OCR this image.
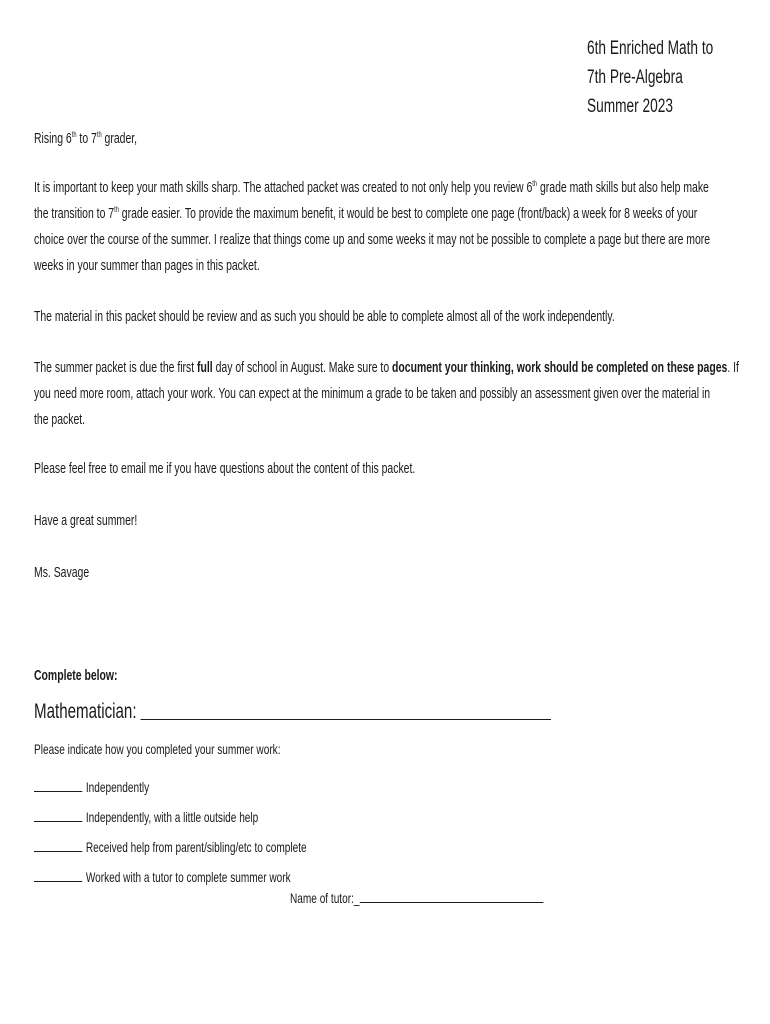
6th Enriched Math to
7th Pre-Algebra
Summer 2023
Rising 6th to 7th grader,
It is important to keep your math skills sharp. The attached packet was created to not only help you review 6th grade math skills but also help make
the transition to 7th grade easier. To provide the maximum benefit, it would be best to complete one page (front/back) a week for 8 weeks of your
choice over the course of the summer. I realize that things come up and some weeks it may not be possible to complete a page but there are more
weeks in your summer than pages in this packet.
The material in this packet should be review and as such you should be able to complete almost all of the work independently.
The summer packet is due the first full day of school in August. Make sure to document your thinking, work should be completed on these pages. If
you need more room, attach your work. You can expect at the minimum a grade to be taken and possibly an assessment given over the material in
the packet.
Please feel free to email me if you have questions about the content of this packet.
Have a great summer!
Ms. Savage
Complete below:
Mathematician:
Please indicate how you completed your summer work:
Independently
Independently, with a little outside help
Received help from parent/sibling/etc to complete
Worked with a tutor to complete summer work
Name of tutor:_
